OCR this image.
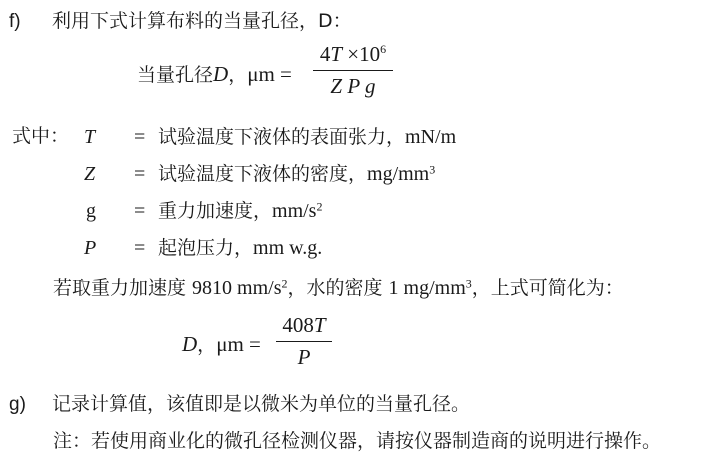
f) 利用下式计算布料的当量孔径，D：
当量孔径D，μm =
$4T \times 10^6$
Z P g
式中： T = 试验温度下液体的表面张力，mN/m
Z = 试验温度下液体的密度，$mg/mm^3$
g = 重力加速度，$mm/s^2$
P = 起泡压力，mm w.g.
若取重力加速度 9810 $mm/s^2$，水的密度 1 $mg/mm^3$，上式可简化为：
D，μm =
408T
P
g) 记录计算值，该值即是以微米为单位的当量孔径。
注：若使用商业化的微孔径检测仪器，请按仪器制造商的说明进行操作。
